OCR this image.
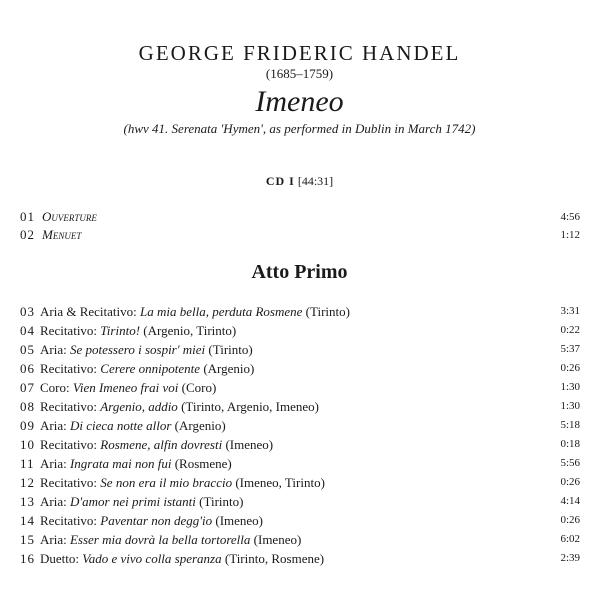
GEORGE FRIDERIC HANDEL
(1685–1759)
Imeneo
(hwv 41. Serenata 'Hymen', as performed in Dublin in March 1742)
CD I [44:31]
01 Ouverture	4:56
02 Menuet	1:12
Atto Primo
03 Aria & Recitativo: La mia bella, perduta Rosmene (Tirinto)	3:31
04 Recitativo: Tirinto! (Argenio, Tirinto)	0:22
05 Aria: Se potessero i sospir' miei (Tirinto)	5:37
06 Recitativo: Cerere onnipotente (Argenio)	0:26
07 Coro: Vien Imeneo frai voi (Coro)	1:30
08 Recitativo: Argenio, addio (Tirinto, Argenio, Imeneo)	1:30
09 Aria: Di cieca notte allor (Argenio)	5:18
10 Recitativo: Rosmene, alfin dovresti (Imeneo)	0:18
11 Aria: Ingrata mai non fui (Rosmene)	5:56
12 Recitativo: Se non era il mio braccio (Imeneo, Tirinto)	0:26
13 Aria: D'amor nei primi istanti (Tirinto)	4:14
14 Recitativo: Paventar non degg'io (Imeneo)	0:26
15 Aria: Esser mia dovrà la bella tortorella (Imeneo)	6:02
16 Duetto: Vado e vivo colla speranza (Tirinto, Rosmene)	2:39
